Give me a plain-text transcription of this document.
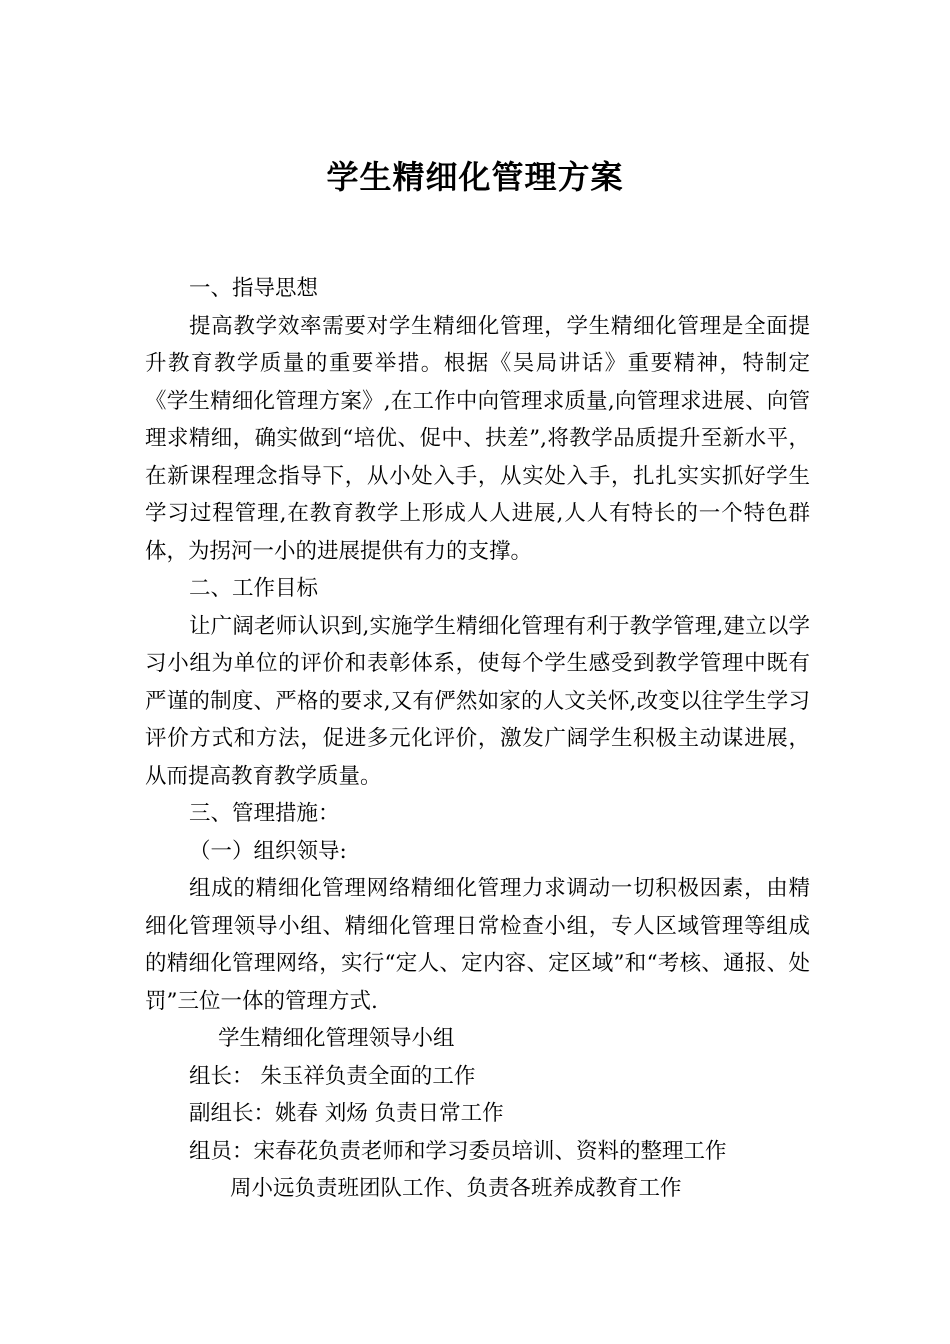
学生精细化管理方案

一、指导思想

提高教学效率需要对学生精细化管理，学生精细化管理是全面提升教育教学质量的重要举措。根据《吴局讲话》重要精神，特制定《学生精细化管理方案》,在工作中向管理求质量,向管理求进展、向管理求精细，确实做到“培优、促中、扶差”,将教学品质提升至新水平，在新课程理念指导下，从小处入手，从实处入手，扎扎实实抓好学生学习过程管理,在教育教学上形成人人进展,人人有特长的一个特色群体，为拐河一小的进展提供有力的支撑。

二、工作目标

让广阔老师认识到,实施学生精细化管理有利于教学管理,建立以学习小组为单位的评价和表彰体系，使每个学生感受到教学管理中既有严谨的制度、严格的要求,又有俨然如家的人文关怀,改变以往学生学习评价方式和方法，促进多元化评价，激发广阔学生积极主动谋进展，从而提高教育教学质量。

三、管理措施：

（一）组织领导:

组成的精细化管理网络精细化管理力求调动一切积极因素，由精细化管理领导小组、精细化管理日常检查小组，专人区域管理等组成的精细化管理网络，实行“定人、定内容、定区域”和“考核、通报、处罚”三位一体的管理方式.

学生精细化管理领导小组

组长： 朱玉祥负责全面的工作

副组长：姚春 刘炀 负责日常工作

组员：宋春花负责老师和学习委员培训、资料的整理工作

周小远负责班团队工作、负责各班养成教育工作
